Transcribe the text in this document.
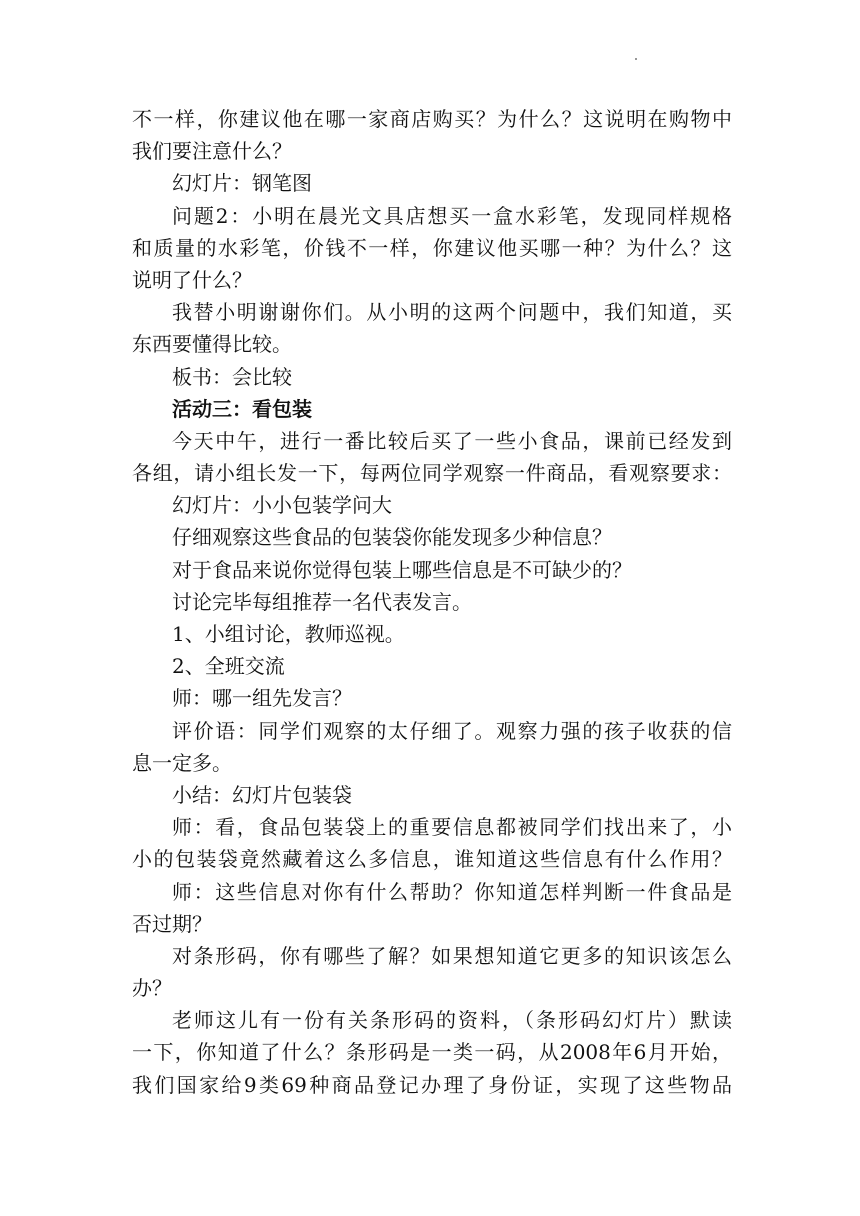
不一样，你建议他在哪一家商店购买？为什么？这说明在购物中
我们要注意什么？
幻灯片：钢笔图
问题2：小明在晨光文具店想买一盒水彩笔，发现同样规格
和质量的水彩笔，价钱不一样，你建议他买哪一种？为什么？这
说明了什么？
我替小明谢谢你们。从小明的这两个问题中，我们知道，买
东西要懂得比较。
板书：会比较
活动三：看包装
今天中午，进行一番比较后买了一些小食品，课前已经发到
各组，请小组长发一下，每两位同学观察一件商品，看观察要求：
幻灯片：小小包装学问大
仔细观察这些食品的包装袋你能发现多少种信息？
对于食品来说你觉得包装上哪些信息是不可缺少的？
讨论完毕每组推荐一名代表发言。
1、小组讨论，教师巡视。
2、全班交流
师：哪一组先发言？
评价语：同学们观察的太仔细了。观察力强的孩子收获的信
息一定多。
小结：幻灯片包装袋
师：看，食品包装袋上的重要信息都被同学们找出来了，小
小的包装袋竟然藏着这么多信息，谁知道这些信息有什么作用？
师：这些信息对你有什么帮助？你知道怎样判断一件食品是
否过期？
对条形码，你有哪些了解？如果想知道它更多的知识该怎么
办？
老师这儿有一份有关条形码的资料，（条形码幻灯片）默读
一下，你知道了什么？条形码是一类一码，从2008年6月开始，
我们国家给9类69种商品登记办理了身份证，实现了这些物品
